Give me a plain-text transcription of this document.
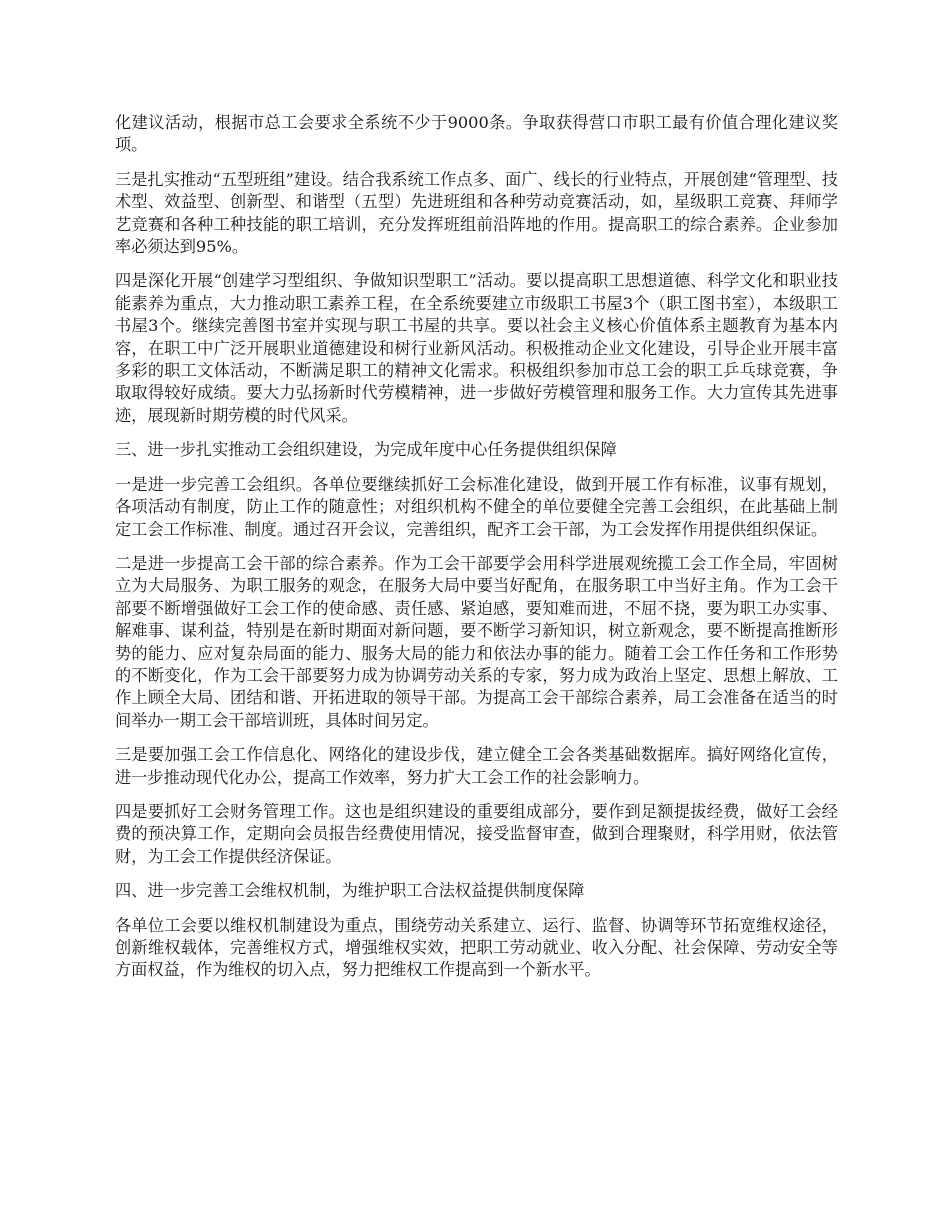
化建议活动，根据市总工会要求全系统不少于9000条。争取获得营口市职工最有价值合理化建议奖项。

三是扎实推动“五型班组”建设。结合我系统工作点多、面广、线长的行业特点，开展创建“管理型、技术型、效益型、创新型、和谐型（五型）先进班组和各种劳动竞赛活动，如，星级职工竞赛、拜师学艺竞赛和各种工种技能的职工培训，充分发挥班组前沿阵地的作用。提高职工的综合素养。企业参加率必须达到95%。

四是深化开展“创建学习型组织、争做知识型职工”活动。要以提高职工思想道德、科学文化和职业技能素养为重点，大力推动职工素养工程，在全系统要建立市级职工书屋3个（职工图书室），本级职工书屋3个。继续完善图书室并实现与职工书屋的共享。要以社会主义核心价值体系主题教育为基本内容，在职工中广泛开展职业道德建设和树行业新风活动。积极推动企业文化建设，引导企业开展丰富多彩的职工文体活动，不断满足职工的精神文化需求。积极组织参加市总工会的职工乒乓球竞赛，争取取得较好成绩。要大力弘扬新时代劳模精神，进一步做好劳模管理和服务工作。大力宣传其先进事迹，展现新时期劳模的时代风采。

三、进一步扎实推动工会组织建设，为完成年度中心任务提供组织保障

一是进一步完善工会组织。各单位要继续抓好工会标准化建设，做到开展工作有标准，议事有规划，各项活动有制度，防止工作的随意性；对组织机构不健全的单位要健全完善工会组织，在此基础上制定工会工作标准、制度。通过召开会议，完善组织，配齐工会干部，为工会发挥作用提供组织保证。

二是进一步提高工会干部的综合素养。作为工会干部要学会用科学进展观统揽工会工作全局，牢固树立为大局服务、为职工服务的观念，在服务大局中要当好配角，在服务职工中当好主角。作为工会干部要不断增强做好工会工作的使命感、责任感、紧迫感，要知难而进，不屈不挠，要为职工办实事、解难事、谋利益，特别是在新时期面对新问题，要不断学习新知识，树立新观念，要不断提高推断形势的能力、应对复杂局面的能力、服务大局的能力和依法办事的能力。随着工会工作任务和工作形势的不断变化，作为工会干部要努力成为协调劳动关系的专家，努力成为政治上坚定、思想上解放、工作上顾全大局、团结和谐、开拓进取的领导干部。为提高工会干部综合素养，局工会准备在适当的时间举办一期工会干部培训班，具体时间另定。

三是要加强工会工作信息化、网络化的建设步伐，建立健全工会各类基础数据库。搞好网络化宣传，进一步推动现代化办公，提高工作效率，努力扩大工会工作的社会影响力。

四是要抓好工会财务管理工作。这也是组织建设的重要组成部分，要作到足额提拔经费，做好工会经费的预决算工作，定期向会员报告经费使用情况，接受监督审查，做到合理聚财，科学用财，依法管财，为工会工作提供经济保证。

四、进一步完善工会维权机制，为维护职工合法权益提供制度保障

各单位工会要以维权机制建设为重点，围绕劳动关系建立、运行、监督、协调等环节拓宽维权途径，创新维权载体，完善维权方式，增强维权实效，把职工劳动就业、收入分配、社会保障、劳动安全等方面权益，作为维权的切入点，努力把维权工作提高到一个新水平。
